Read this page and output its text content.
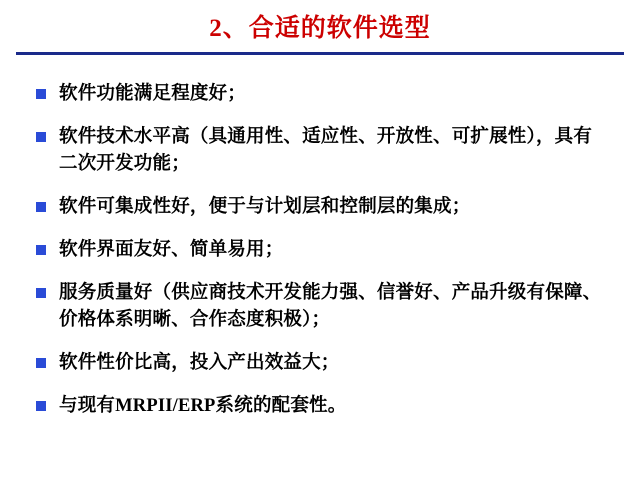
2、合适的软件选型
软件功能满足程度好；
软件技术水平高（具通用性、适应性、开放性、可扩展性），具有二次开发功能；
软件可集成性好，便于与计划层和控制层的集成；
软件界面友好、简单易用；
服务质量好（供应商技术开发能力强、信誉好、产品升级有保障、价格体系明晰、合作态度积极）；
软件性价比高，投入产出效益大；
与现有MRPII/ERP系统的配套性。
